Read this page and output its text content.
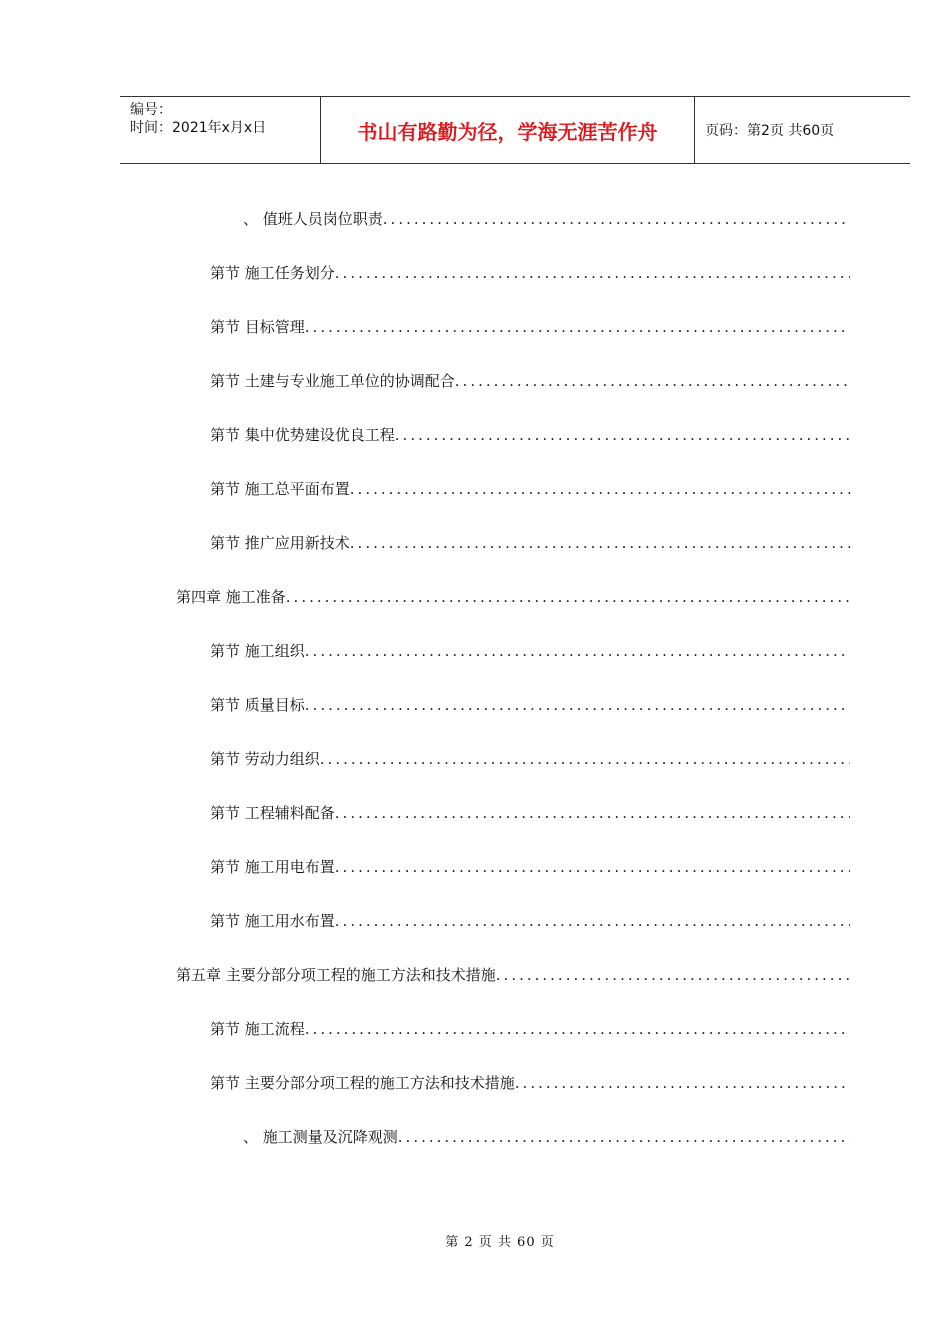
编号：
时间：2021年x月x日	书山有路勤为径，学海无涯苦作舟	页码：第2页 共60页
、 值班人员岗位职责
.....
第节 施工任务划分
.....
第节 目标管理
.....
第节 土建与专业施工单位的协调配合
.....
第节 集中优势建设优良工程
.....
第节 施工总平面布置
.....
第节 推广应用新技术
.....
第四章 施工准备
.....
第节 施工组织
.....
第节 质量目标
.....
第节 劳动力组织
.....
第节 工程辅料配备
.....
第节 施工用电布置
.....
第节 施工用水布置
.....
第五章 主要分部分项工程的施工方法和技术措施
.....
第节 施工流程
.....
第节 主要分部分项工程的施工方法和技术措施
.....
、 施工测量及沉降观测
.....
第 2 页 共 60 页
